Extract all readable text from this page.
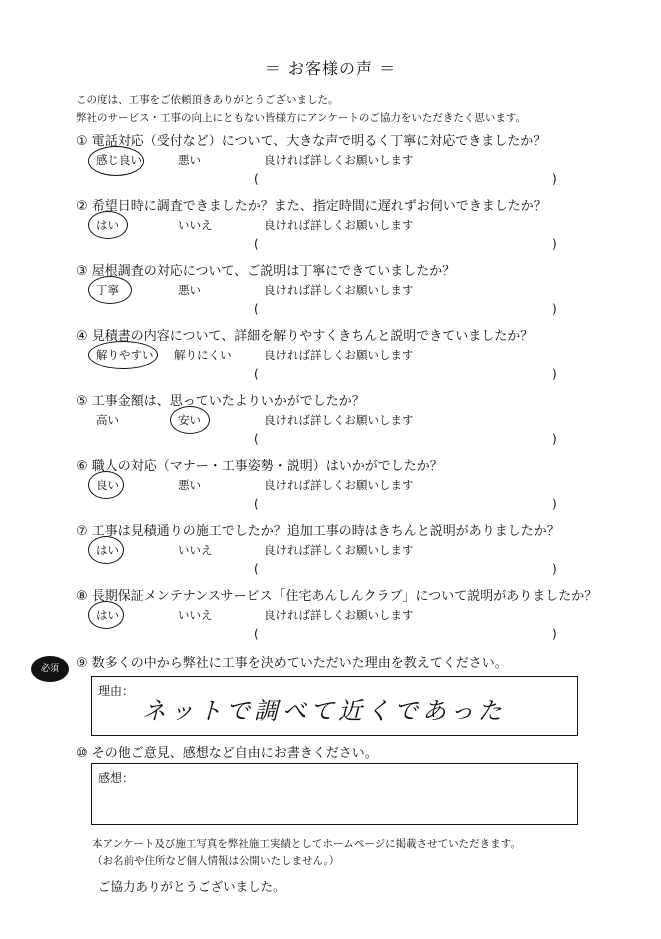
＝ お客様の声 ＝
この度は、工事をご依頼頂きありがとうございました。
弊社のサービス・工事の向上にともない皆様方にアンケートのご協力をいただきたく思います。
① 電話対応（受付など）について、大きな声で明るく丁寧に対応できましたか？
感じ良い	悪い	良ければ詳しくお願いします
(	)
② 希望日時に調査できましたか？また、指定時間に遅れずお伺いできましたか？
はい	いいえ	良ければ詳しくお願いします
(	)
③ 屋根調査の対応について、ご説明は丁寧にできていましたか？
丁寧	悪い	良ければ詳しくお願いします
(	)
④ 見積書の内容について、詳細を解りやすくきちんと説明できていましたか？
解りやすい 解りにくい	良ければ詳しくお願いします
(	)
⑤ 工事金額は、思っていたよりいかがでしたか？
高い	安い	良ければ詳しくお願いします
(	)
⑥ 職人の対応（マナー・工事姿勢・説明）はいかがでしたか？
良い	悪い	良ければ詳しくお願いします
(	)
⑦ 工事は見積通りの施工でしたか？追加工事の時はきちんと説明がありましたか？
はい	いいえ	良ければ詳しくお願いします
(	)
⑧ 長期保証メンテナンスサービス「住宅あんしんクラブ」について説明がありましたか？
はい	いいえ	良ければ詳しくお願いします
(	)
必須	⑨ 数多くの中から弊社に工事を決めていただいた理由を教えてください。
理由：
ネットで調べて近くであった
⑩ その他ご意見、感想など自由にお書きください。
感想：
本アンケート及び施工写真を弊社施工実績としてホームページに掲載させていただきます。
（お名前や住所など個人情報は公開いたしません。）
ご協力ありがとうございました。
